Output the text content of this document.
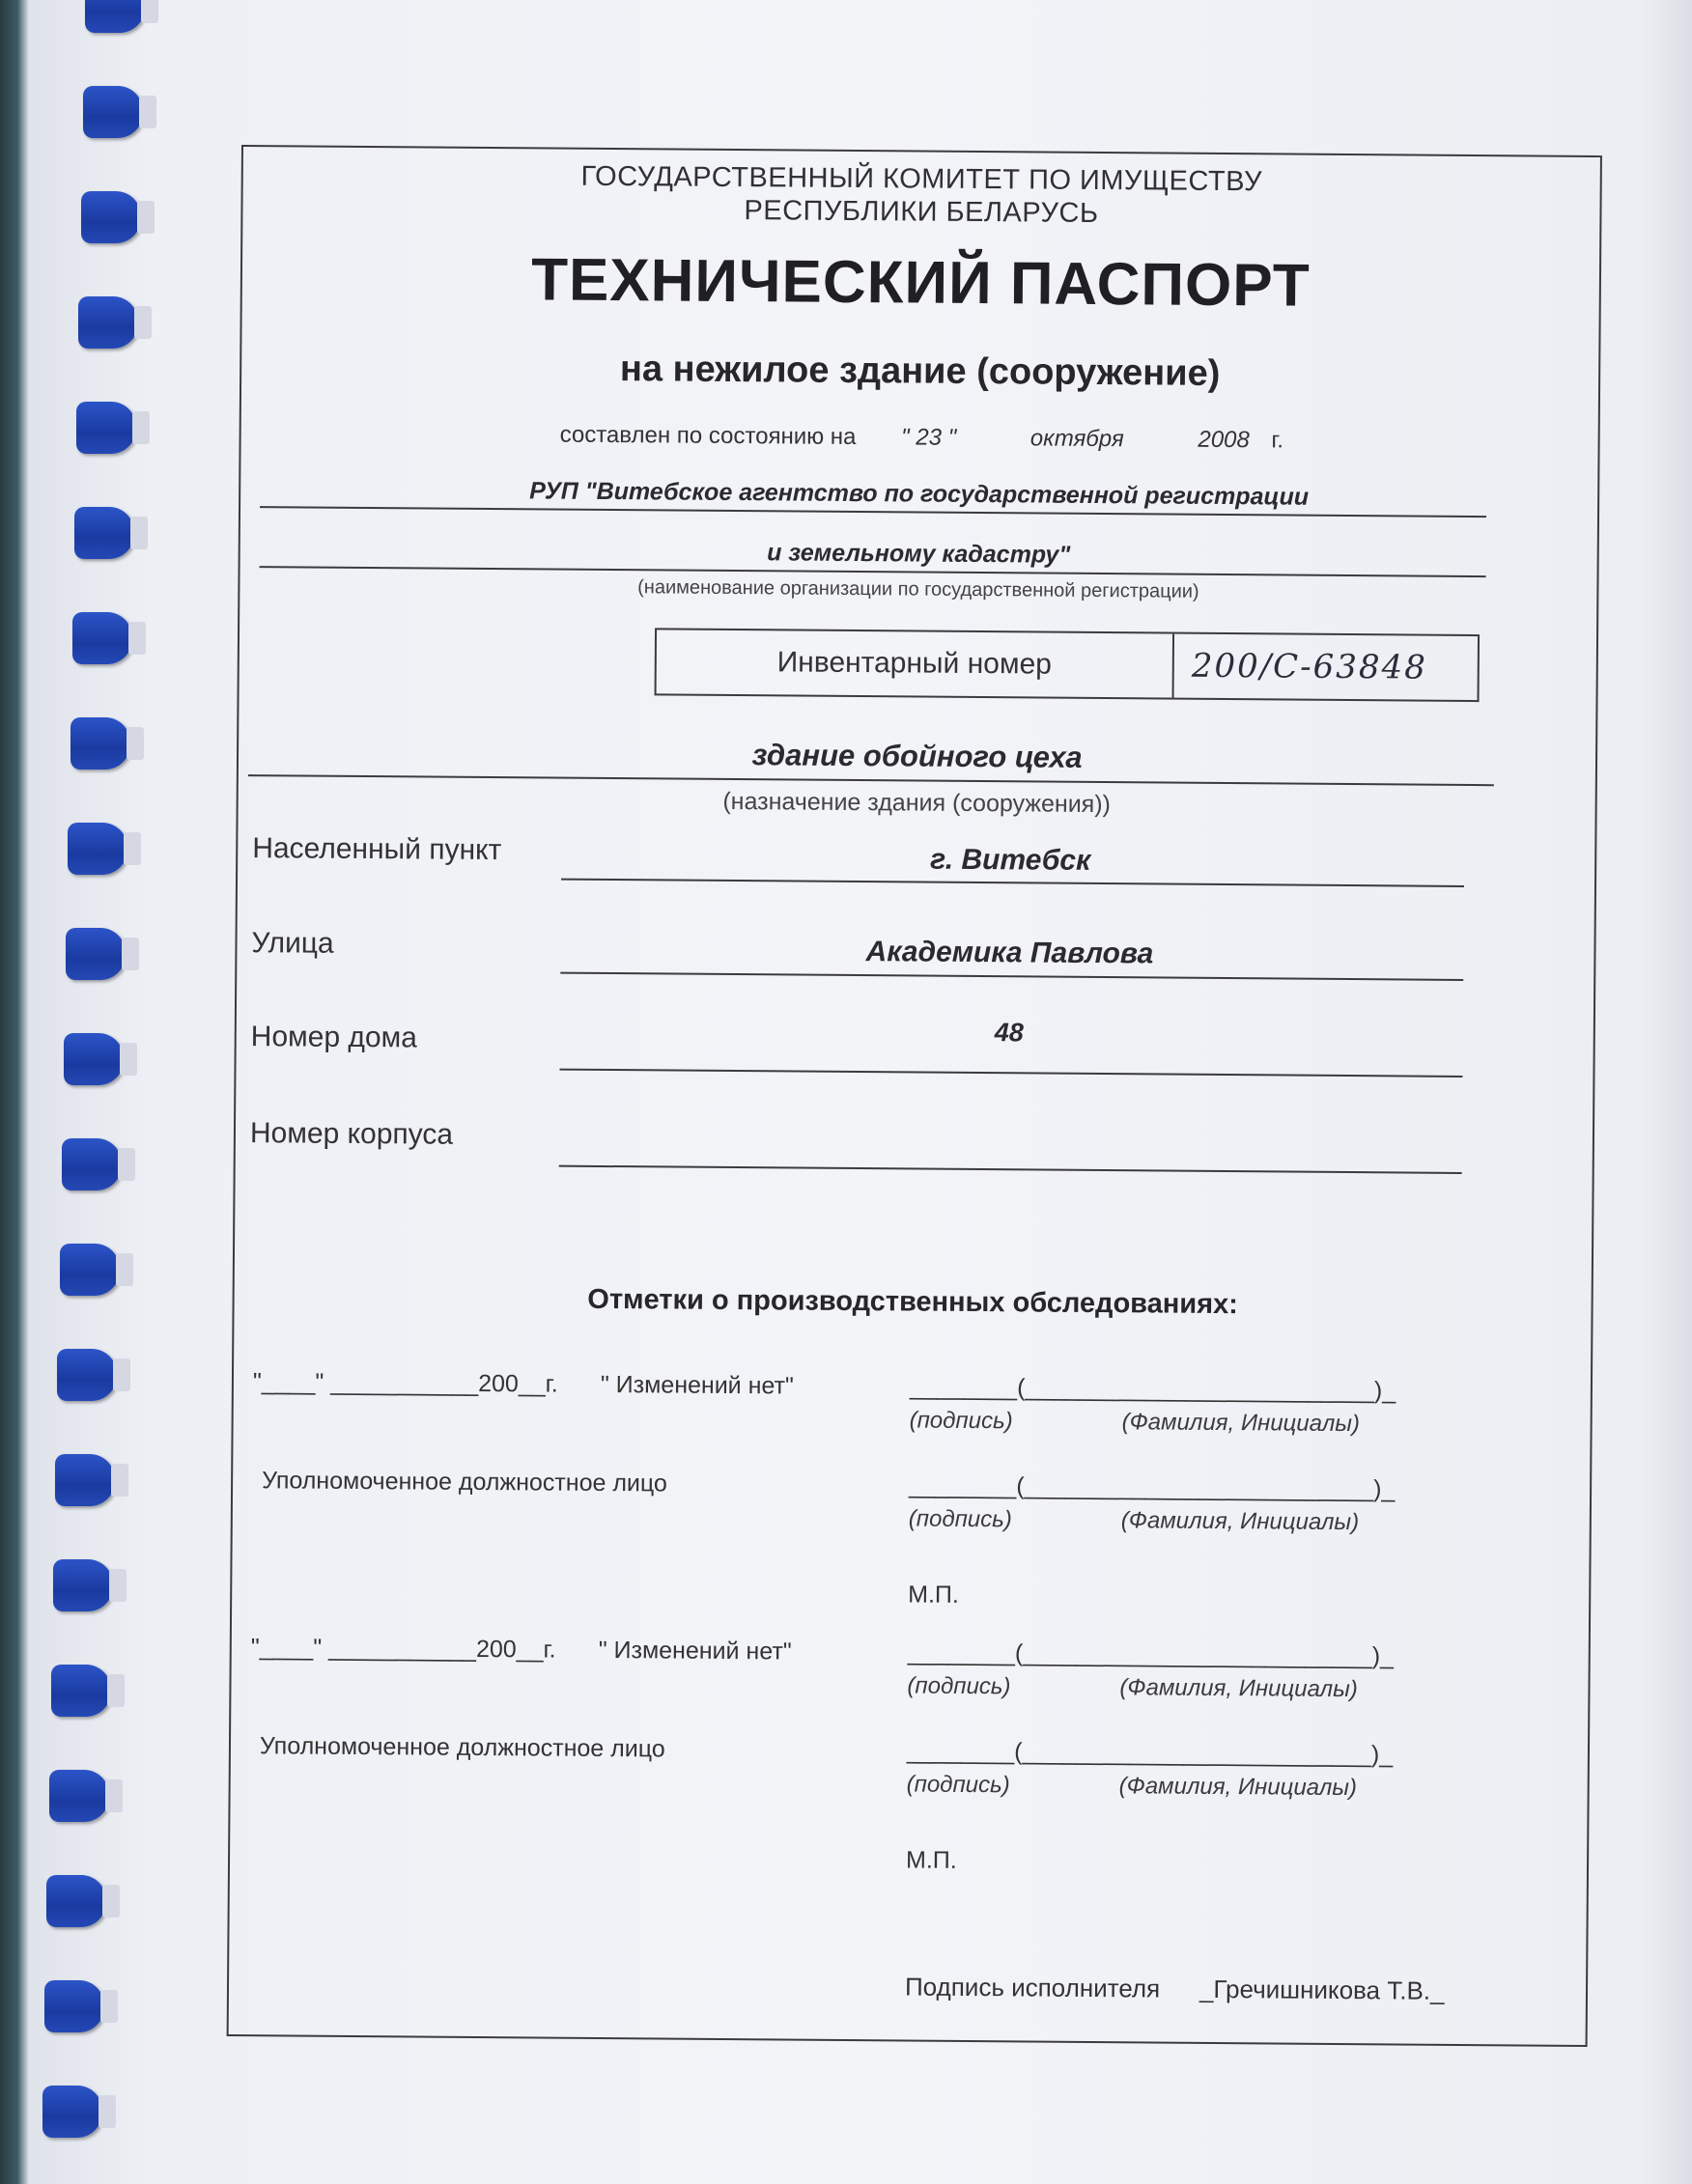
ГОСУДАРСТВЕННЫЙ КОМИТЕТ ПО ИМУЩЕСТВУ
РЕСПУБЛИКИ БЕЛАРУСЬ
ТЕХНИЧЕСКИЙ ПАСПОРТ
на нежилое здание (сооружение)
составлен по состоянию на " 23 "	октября	2008 г.
РУП "Витебское агентство по государственной регистрации
и земельному кадастру"
(наименование организации по государственной регистрации)
Инвентарный номер	200/C-63848
здание обойного цеха
(назначение здания (сооружения))
Населенный пункт	г. Витебск
Улица	Академика Павлова
Номер дома	48
Номер корпуса
Отметки о производственных обследованиях:
"____" ___________200__г. " Изменений нет"	________(__________________________)_
(подпись)	(Фамилия, Инициалы)
Уполномоченное должностное лицо	________(__________________________)_
(подпись)	(Фамилия, Инициалы)
М.П.
"____" ___________200__г. " Изменений нет"	________(__________________________)_
(подпись)	(Фамилия, Инициалы)
Уполномоченное должностное лицо	________(__________________________)_
(подпись)	(Фамилия, Инициалы)
М.П.
Подпись исполнителя _Гречишникова Т.В._
